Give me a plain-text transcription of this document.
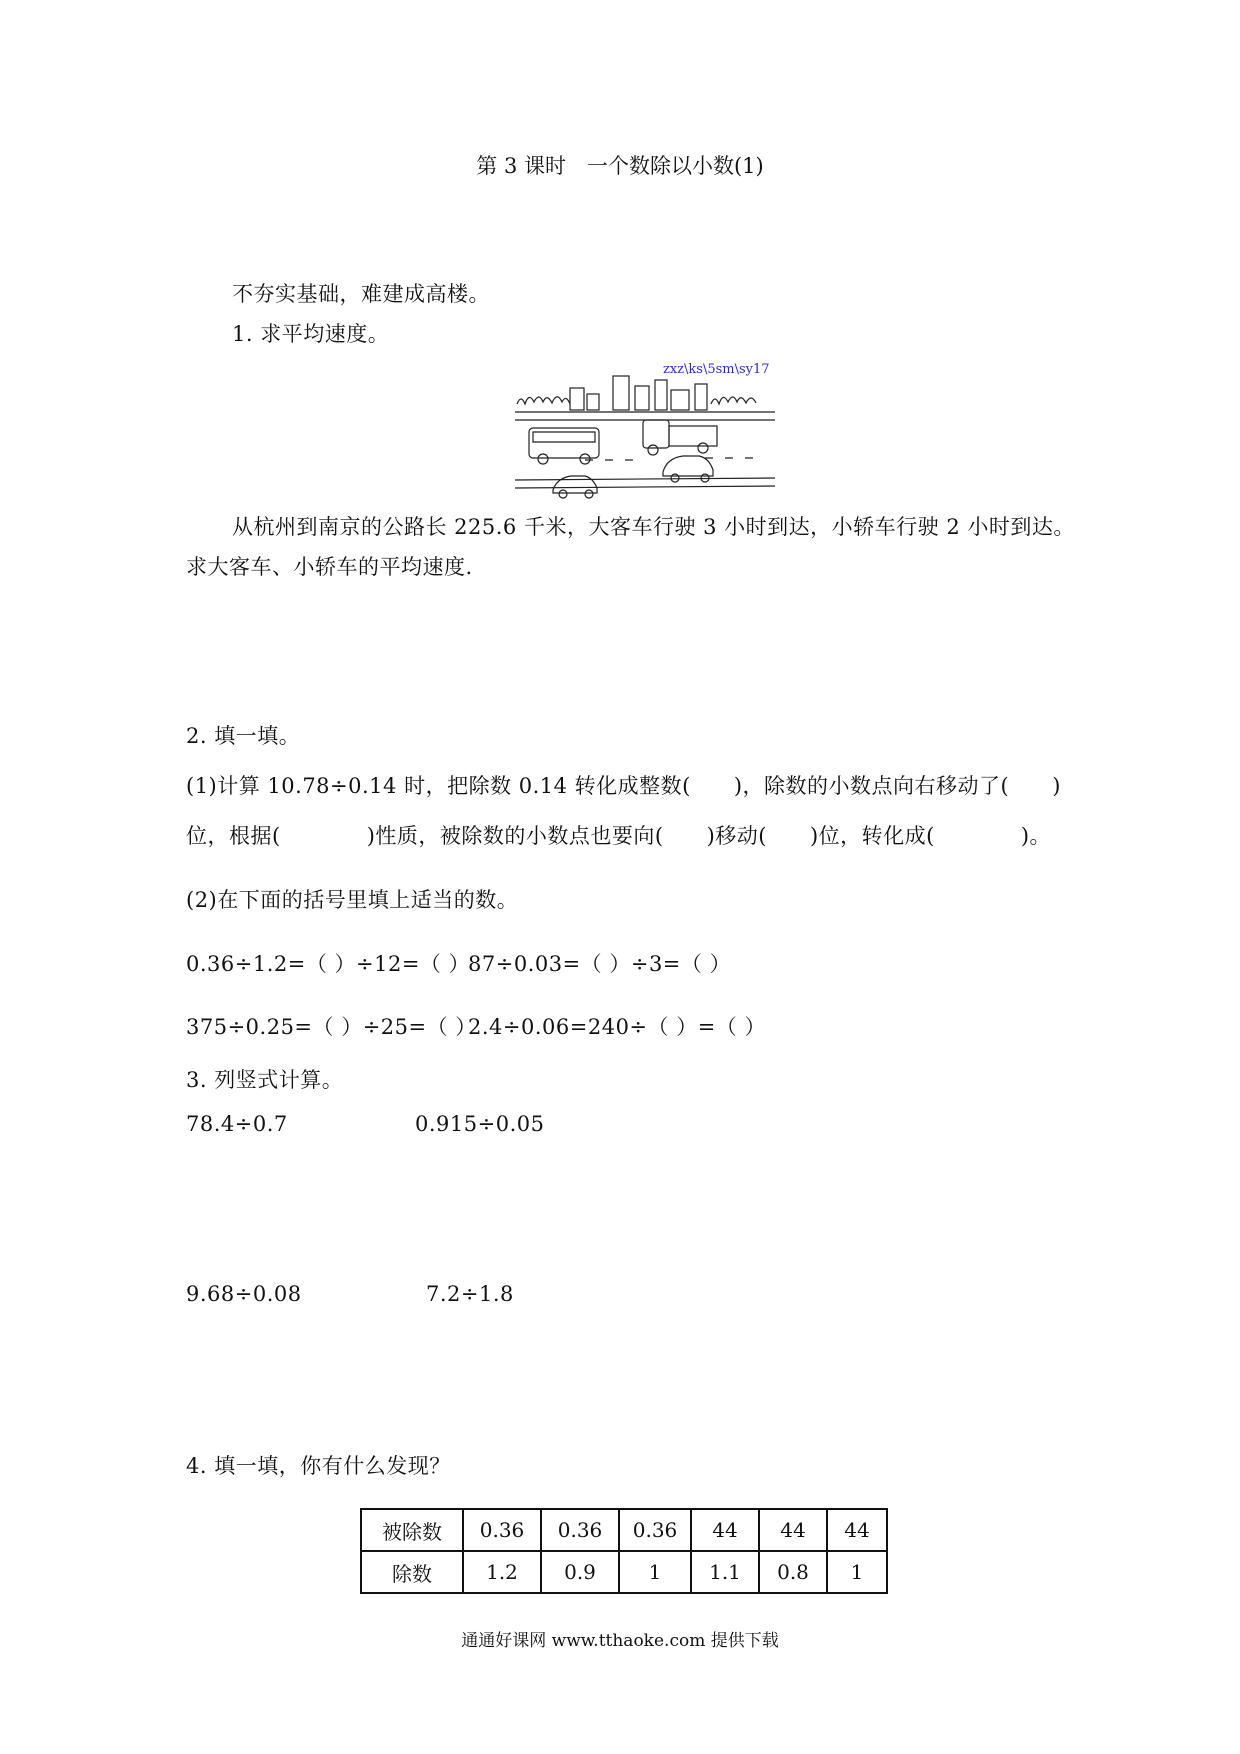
第 3 课时　一个数除以小数(1)
不夯实基础，难建成高楼。
1. 求平均速度。
zxz\ks\5sm\sy17
从杭州到南京的公路长 225.6 千米，大客车行驶 3 小时到达，小轿车行驶 2 小时到达。
求大客车、小轿车的平均速度.
2. 填一填。
(1)计算 10.78÷0.14 时，把除数 0.14 转化成整数(　　)，除数的小数点向右移动了(　　)
位，根据(　　　　)性质，被除数的小数点也要向(　　)移动(　　)位，转化成(　　　　)。
(2)在下面的括号里填上适当的数。
0.36÷1.2=（ ）÷12=（ ）
87÷0.03=（ ）÷3=（ ）
375÷0.25=（ ）÷25=（ ）
2.4÷0.06=240÷（ ）=（ ）
3. 列竖式计算。
78.4÷0.7	0.915÷0.05
9.68÷0.08	7.2÷1.8
4. 填一填，你有什么发现？
被除数	0.36	0.36	0.36	44	44	44
除数	1.2	0.9	1	1.1	0.8	1
通通好课网 www.tthaoke.com 提供下载
